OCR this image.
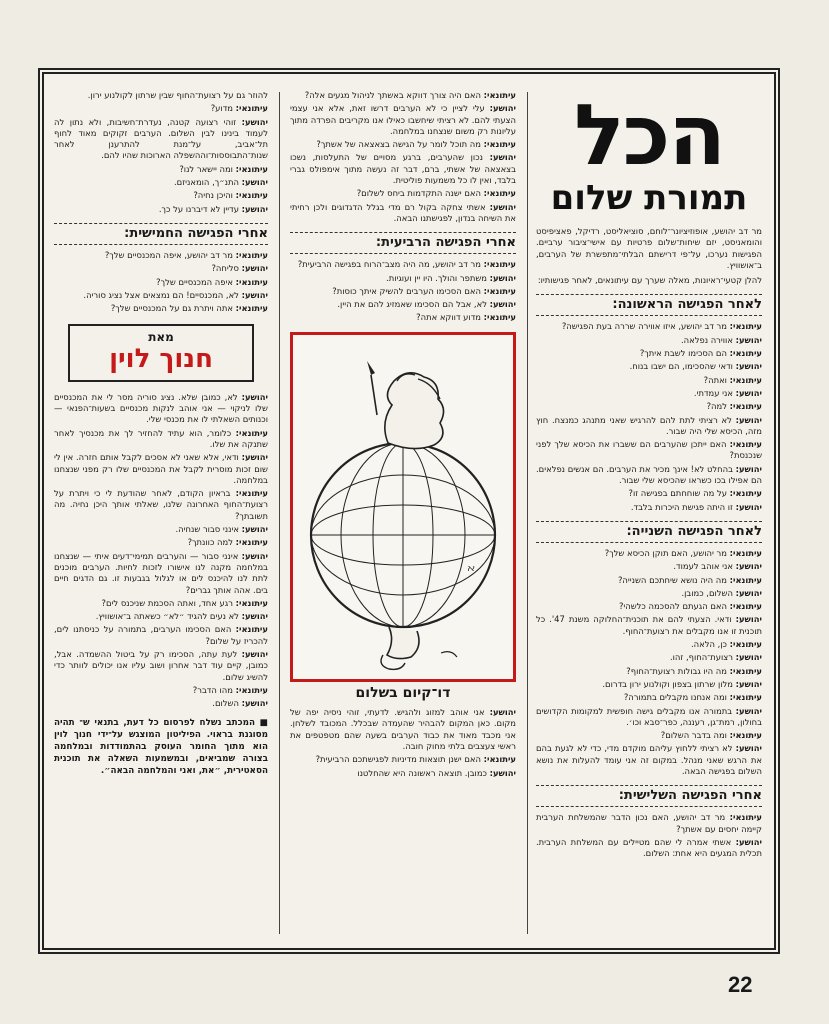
הכל
תמורת שלום

מר דב יהושע, אופוזיציונר־לוחם, סוציאליסט, רדיקל, פאציפיסט והומאניסט, יזם שיחות־שלום פרטיות עם אישי־ציבור ערביים. הפגישות נערכו, על־פי דרישתם הבלתי־מתפשרת של הערבים, ב־אושוויץ.

להלן קטעי־ראיונות, מאלה שערך עם עיתונאים, לאחר פגישותיו:

לאחר הפגישה הראשונה:

עיתונאי: מר דב יהושע, איזו אווירה שררה בעת הפגישה?

יהושע: אווירה נפלאה.

עיתונאי: הם הסכימו לשבת איתך?

יהושע: ודאי שהסכימו, הם ישבו בנוח.

עיתונאי: ואתה?

יהושע: אני עמדתי.

עיתונאי: למה?

יהושע: לא רציתי לתת להם להרגיש שאני מתנהג כמנצח. חוץ מזה, הכיסא שלי היה שבור.

עיתונאי: האם ייתכן שהערבים הם ששברו את הכיסא שלך לפני שנכנסת?

יהושע: בהחלט לא! אינך מכיר את הערבים. הם אנשים נפלאים. הם אפילו בכו כשראו שהכיסא שלי שבור.

עיתונאי: על מה שוחחתם בפגישה זו?

יהושע: זו היתה פגישת היכרות בלבד.

לאחר הפגישה השנייה:

עיתונאי: מר יהושע, האם תוקן הכיסא שלך?

יהושע: אני אוהב לעמוד.

עיתונאי: מה היה נושא שיחתכם השנייה?

יהושע: השלום, כמובן.

עיתונאי: האם הגעתם להסכמה כלשהי?

יהושע: ודאי. הצעתי להם את תוכנית־החלוקה משנת 47'. כל תוכנית זו אנו מקבלים את רצועת־החוף.

עיתונאי: כן, הלאה.

יהושע: רצועת־החוף, זהו.

עיתונאי: מה היו גבולות רצועת־החוף?

יהושע: מלון שרתון בצפון וקולנוע ירון בדרום.

עיתונאי: ומה אנחנו מקבלים בתמורה?

יהושע: בתמורה אנו מקבלים גישה חופשית למקומות הקדושים בחולון, רמת־גן, רעננה, כפר־סבא וכו׳.

עיתונאי: ומה בדבר השלום?

יהושע: לא רציתי ללחוץ עליהם מוקדם מדי, כדי לא לגעת בהם את הרגש שאני מנהל. במקום זה אני עומד להעלות את נושא השלום בפגישה הבאה.

אחרי הפגישה השלישית:

עיתונאי: מר דב יהושע, האם נכון הדבר שהמשלחת הערבית קיימה יחסים עם אשתך?

יהושע: אשתי אמרה לי שהם מטיילים עם המשלחת הערבית. תכלית המגעים היא אחת: השלום.

עיתונאי: האם היה צורך דווקא באשתך לניהול מגעים אלה?

יהושע: עלי לציין כי לא הערבים דרשו זאת, אלא אני עצמי הצעתי להם. לא רציתי שיחשבו כאילו אנו מקריבים הפרדה מתוך עליונות רק משום שנצחנו במלחמה.

עיתונאי: מה תוכל לומר על הגישה בצאצאה של אשתך?

יהושע: נכון שהערבים, ברגע מסויים של התעלסות, נשכו בצאצאה של אשתי, ברם, דבר זה נעשה מתוך אימפולס גברי בלבד, ואין לו כל משמעות פוליטית.

עיתונאי: האם ישנה התקדמות ביחס לשלום?

יהושע: אשתי צחקה בקול רם מדי בגלל הדגדוגים ולכן רחיתי את השיחה בנדון, לפגישתנו הבאה.

אחרי הפגישה הרביעית:

עיתונאי: מר דב יהושע, מה היה מצב־הרוח בפגישה הרביעית?

יהושע: משתפר והולך. היו יין ועוגיות.

עיתונאי: האם הסכימו הערבים להשיק איתך כוסות?

יהושע: לא, אבל הם הסכימו שאמזיג להם את היין.

עיתונאי: מדוע דווקא אתה?

ﬡ
דו־קיום בשלום

יהושע: אני אוהב למזוג ולהגיש. לדעתי, זוהי ניסיה יפה של מקום. כאן המקום להבהיר שהעמדה שבכלל. המכובד לשלחן. אני מכבד מאוד את כבוד הערבים בשעה שהם מטפטפים את ראשי צעצבים בלתי מחוק חובה.

עיתונאי: האם ישנן תוצאות מדיניות לפגישתכם הרביעית?

יהושע: כמובן. תוצאה ראשונה היא שהחלטנו

להוזר גם על רצועת־החוף שבין שרתון לקולנוע ירון.

עיתונאי: מדוע?

יהושע: זוהי רצועה קטנה, נעדרת־חשיבות, ולא נתון לה לעמוד בינינו לבין השלום. הערבים זקוקים מאוד לחוף תל־אביב, על־מנת להתרענן לאחר שנות־התבוססות־וההשפלה הארוכות שהיו להם.

עיתונאי: ומה יישאר לנו?

יהושע: התנ״ך, הומאניזם.

עיתונאי: והיכן נחיה?

יהושע: עדיין לא דיברנו על כך.

אחרי הפגישה החמישית:

עיתונאי: מר דב יהושע, איפה המכנסיים שלך?

יהושע: סליחה?

עיתונאי: איפה המכנסיים שלך?

יהושע: לא, המכנסיים! הם נמצאים אצל נציג סוריה.

עיתונאי: אתה ויתרת גם על המכנסיים שלך?

מאת
חנוך לוין

יהושע: לא, כמובן שלא. נציג סוריה מסר לי את המכנסיים שלו לניקוי — אני אוהב לנקות מכנסיים בשעות־הפנאי — וכנותים השאלתי לו את מכנסי שלי.

עיתונאי: כלומר, הוא עתיד להחזיר לך את מכנסיך לאחר שתנקה את שלו.

יהושע: ודאי, אלא שאני לא אסכים לקבל אותם חזרה. אין לי שום זכות מוסרית לקבל את המכנסיים שלו רק מפני שנצחנו במלחמה.

עיתונאי: בראיון הקודם, לאחר שהודעת לי כי ויתרת על רצועת־החוף האחרונה שלנו, שאלתי אותך היכן נחיה. מה תשובתך?

יהושע: אינני סבור שנחיה.

עיתונאי: למה כוונתך?

יהושע: אינני סבור — והערבים תמימי־דעים איתי — שנצחנו במלחמה מקנה לנו אישורו לזכות לחיות. הערבים מוכנים לתת לנו להיכנס לים או לגלול בגבעות זו. גם הדגים חיים בים. אהה אותך גברים?

עיתונאי: רגע אחד, ואתה הסכמת שניכנס לים?

יהושע: לא נעים להגיד ״לא״ כשאתה ב־אושוויץ.

עיתונאי: האם הסכימו הערבים, בתמורה על כניסתנו לים, להכריז על שלום?

יהושע: לעת עתה, הסכימו רק על ביטול ההשמדה. אבל, כמובן, קיים עוד דבר אחרון ושוב עליו אנו יכולים לוותר כדי להשיג שלום.

עיתונאי: מהו הדבר?

יהושע: השלום.

■ המכתב נשלח לפרסום כל דעת, בתנאי ש־ תהיה מסוגנת בראוי. הפיליטון המוצגש על־ידי חנוך לוין הוא מתוך החומר העוסק בהתמודדות ובמלחמה בצורה שמביאים, ובמשמעות השאלה את תוכנית הסאטירית, ״את, ואני והמלחמה הבאה״.

22
